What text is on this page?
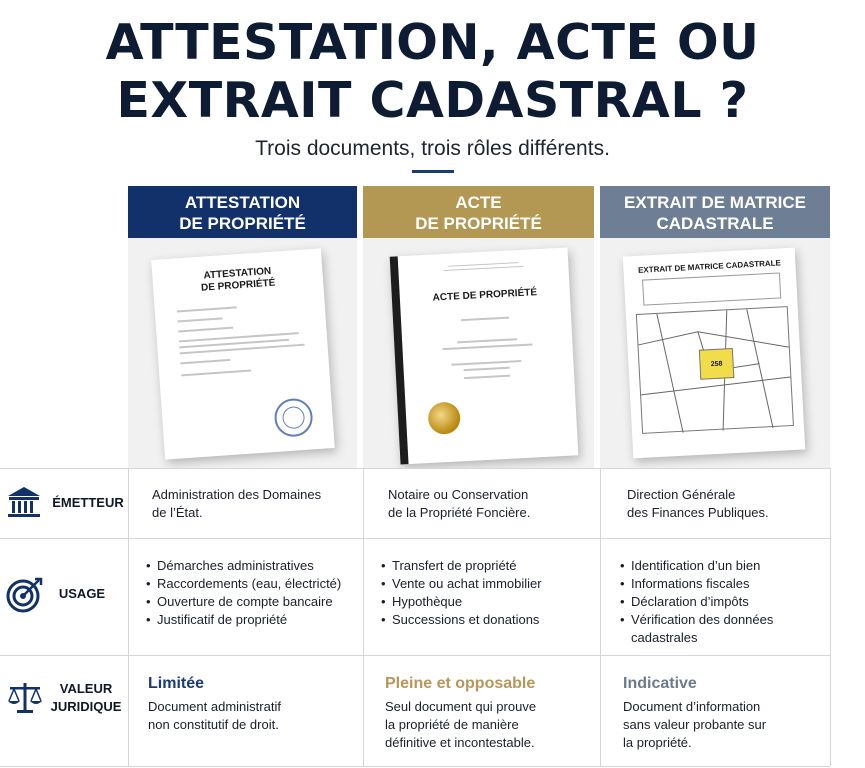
ATTESTATION, ACTE OU
EXTRAIT CADASTRAL ?
Trois documents, trois rôles différents.
ATTESTATION
DE PROPRIÉTÉ
ACTE
DE PROPRIÉTÉ
EXTRAIT DE MATRICE
CADASTRALE
ATTESTATION
DE PROPRIÉTÉ
ACTE DE PROPRIÉTÉ
EXTRAIT DE MATRICE CADASTRALE
258
ÉMETTEUR
Administration des Domaines
de l’État.
Notaire ou Conservation
de la Propriété Foncière.
Direction Générale
des Finances Publiques.
USAGE
• Démarches administratives
• Raccordements (eau, électricté)
• Ouverture de compte bancaire
• Justificatif de propriété
• Transfert de propriété
• Vente ou achat immobilier
• Hypothèque
• Successions et donations
• Identification d’un bien
• Informations fiscales
• Déclaration d’impôts
• Vérification des données cadastrales
VALEUR
JURIDIQUE
Limitée
Document administratif
non constitutif de droit.
Pleine et opposable
Seul document qui prouve
la propriété de manière
définitive et incontestable.
Indicative
Document d’information
sans valeur probante sur
la propriété.
